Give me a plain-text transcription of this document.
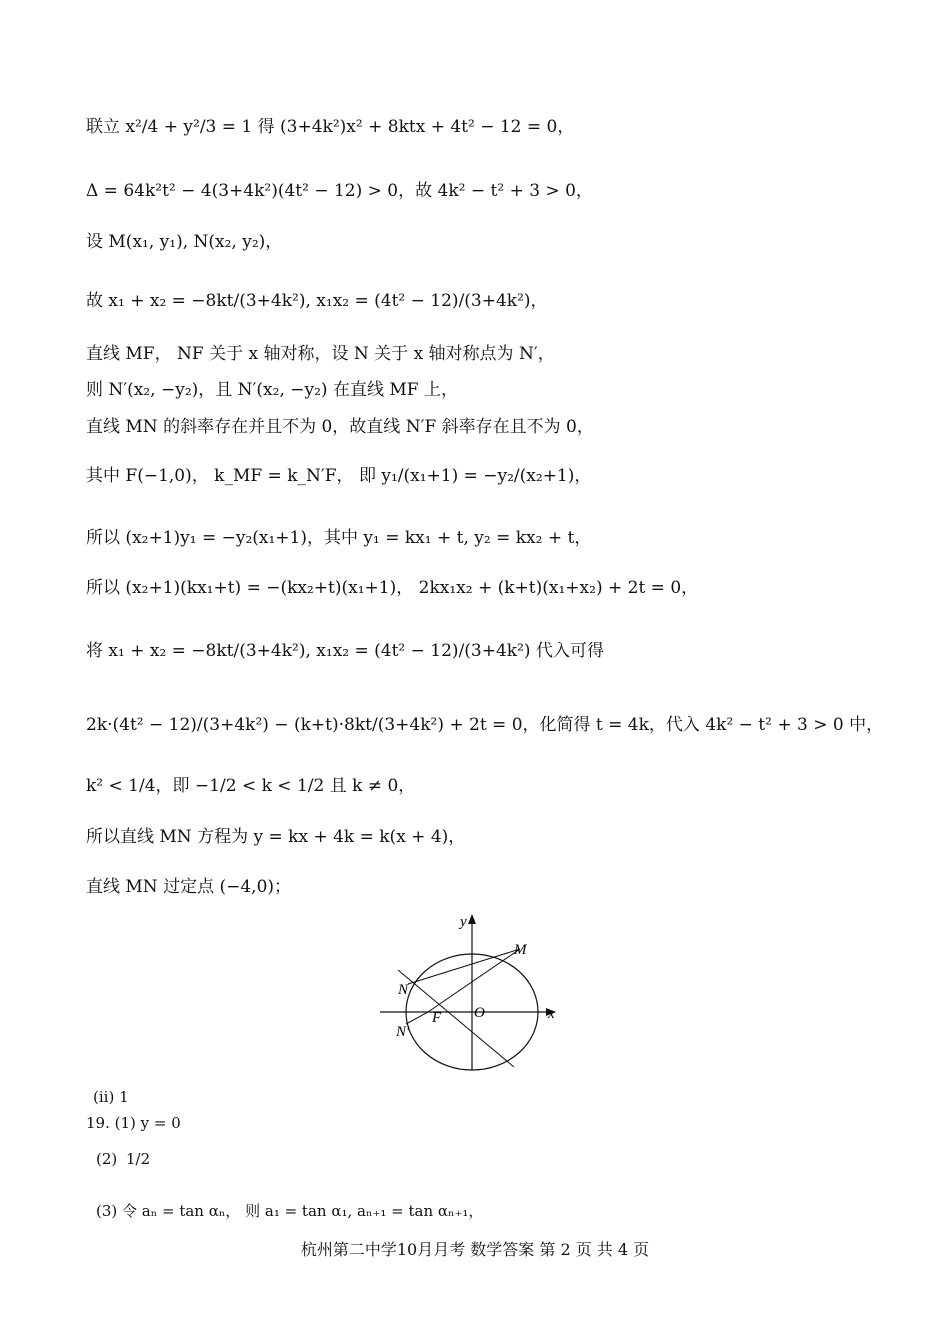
联立 x²/4 + y²/3 = 1 得 (3+4k²)x² + 8ktx + 4t² − 12 = 0，
Δ = 64k²t² − 4(3+4k²)(4t² − 12) > 0，故 4k² − t² + 3 > 0，
设 M(x₁, y₁), N(x₂, y₂)，
故 x₁ + x₂ = −8kt/(3+4k²), x₁x₂ = (4t² − 12)/(3+4k²)，
直线 MF， NF 关于 x 轴对称，设 N 关于 x 轴对称点为 N′，
则 N′(x₂, −y₂)，且 N′(x₂, −y₂) 在直线 MF 上，
直线 MN 的斜率存在并且不为 0，故直线 N′F 斜率存在且不为 0，
其中 F(−1,0)， k_MF = k_N′F， 即 y₁/(x₁+1) = −y₂/(x₂+1)，
所以 (x₂+1)y₁ = −y₂(x₁+1)，其中 y₁ = kx₁ + t, y₂ = kx₂ + t，
所以 (x₂+1)(kx₁+t) = −(kx₂+t)(x₁+1)， 2kx₁x₂ + (k+t)(x₁+x₂) + 2t = 0，
将 x₁ + x₂ = −8kt/(3+4k²), x₁x₂ = (4t² − 12)/(3+4k²) 代入可得
2k·(4t² − 12)/(3+4k²) − (k+t)·8kt/(3+4k²) + 2t = 0，化简得 t = 4k，代入 4k² − t² + 3 > 0 中，
k² < 1/4，即 −1/2 < k < 1/2 且 k ≠ 0，
所以直线 MN 方程为 y = kx + 4k = k(x + 4)，
直线 MN 过定点 (−4,0)；
y
x
M
N
N′
F O
(ii) 1
19. (1) y = 0
(2) 1/2
(3) 令 aₙ = tan αₙ， 则 a₁ = tan α₁, aₙ₊₁ = tan αₙ₊₁，
杭州第二中学10月月考 数学答案 第 2 页 共 4 页
